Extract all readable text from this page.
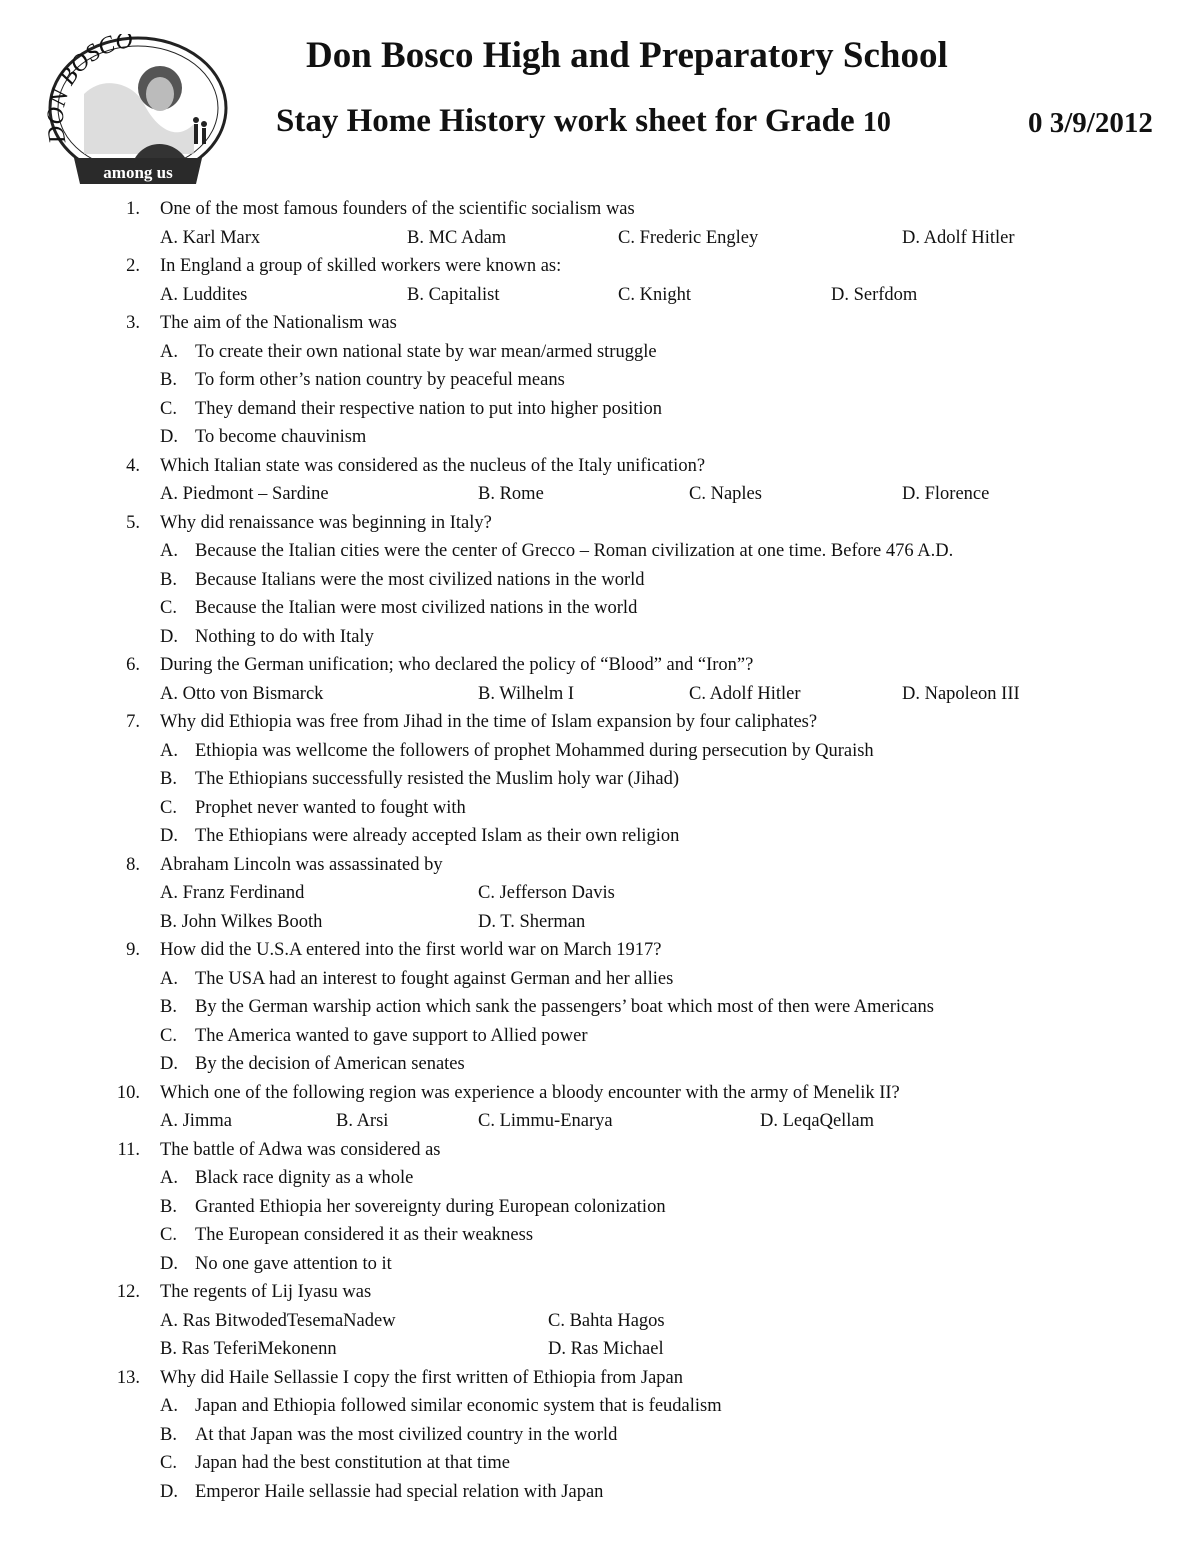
DON BOSCO
among us
Don Bosco High and Preparatory School
Stay Home History work sheet for Grade 10	0 3/9/2012
1. One of the most famous founders of the scientific socialism was
A. Karl Marx	B. MC Adam	C. Frederic Engley	D. Adolf Hitler
2. In England a group of skilled workers were known as:
A. Luddites	B. Capitalist	C. Knight	D. Serfdom
3. The aim of the Nationalism was
A. To create their own national state by war mean/armed struggle
B. To form other’s nation country by peaceful means
C. They demand their respective nation to put into higher position
D. To become chauvinism
4. Which Italian state was considered as the nucleus of the Italy unification?
A. Piedmont – Sardine	B. Rome	C. Naples	D. Florence
5. Why did renaissance was beginning in Italy?
A. Because the Italian cities were the center of Grecco – Roman civilization at one time. Before 476 A.D.
B. Because Italians were the most civilized nations in the world
C. Because the Italian were most civilized nations in the world
D. Nothing to do with Italy
6. During the German unification; who declared the policy of “Blood” and “Iron”?
A. Otto von Bismarck	B. Wilhelm I	C. Adolf Hitler	D. Napoleon III
7. Why did Ethiopia was free from Jihad in the time of Islam expansion by four caliphates?
A. Ethiopia was wellcome the followers of prophet Mohammed during persecution by Quraish
B. The Ethiopians successfully resisted the Muslim holy war (Jihad)
C. Prophet never wanted to fought with
D. The Ethiopians were already accepted Islam as their own religion
8. Abraham Lincoln was assassinated by
A. Franz Ferdinand	C. Jefferson Davis
B. John Wilkes Booth	D. T. Sherman
9. How did the U.S.A entered into the first world war on March 1917?
A. The USA had an interest to fought against German and her allies
B. By the German warship action which sank the passengers’ boat which most of then were Americans
C. The America wanted to gave support to Allied power
D. By the decision of American senates
10. Which one of the following region was experience a bloody encounter with the army of Menelik II?
A. Jimma	B. Arsi	C. Limmu-Enarya	D. LeqaQellam
11. The battle of Adwa was considered as
A. Black race dignity as a whole
B. Granted Ethiopia her sovereignty during European colonization
C. The European considered it as their weakness
D. No one gave attention to it
12. The regents of Lij Iyasu was
A. Ras BitwodedTesemaNadew	C. Bahta Hagos
B. Ras TeferiMekonenn	D. Ras Michael
13. Why did Haile Sellassie I copy the first written of Ethiopia from Japan
A. Japan and Ethiopia followed similar economic system that is feudalism
B. At that Japan was the most civilized country in the world
C. Japan had the best constitution at that time
D. Emperor Haile sellassie had special relation with Japan
